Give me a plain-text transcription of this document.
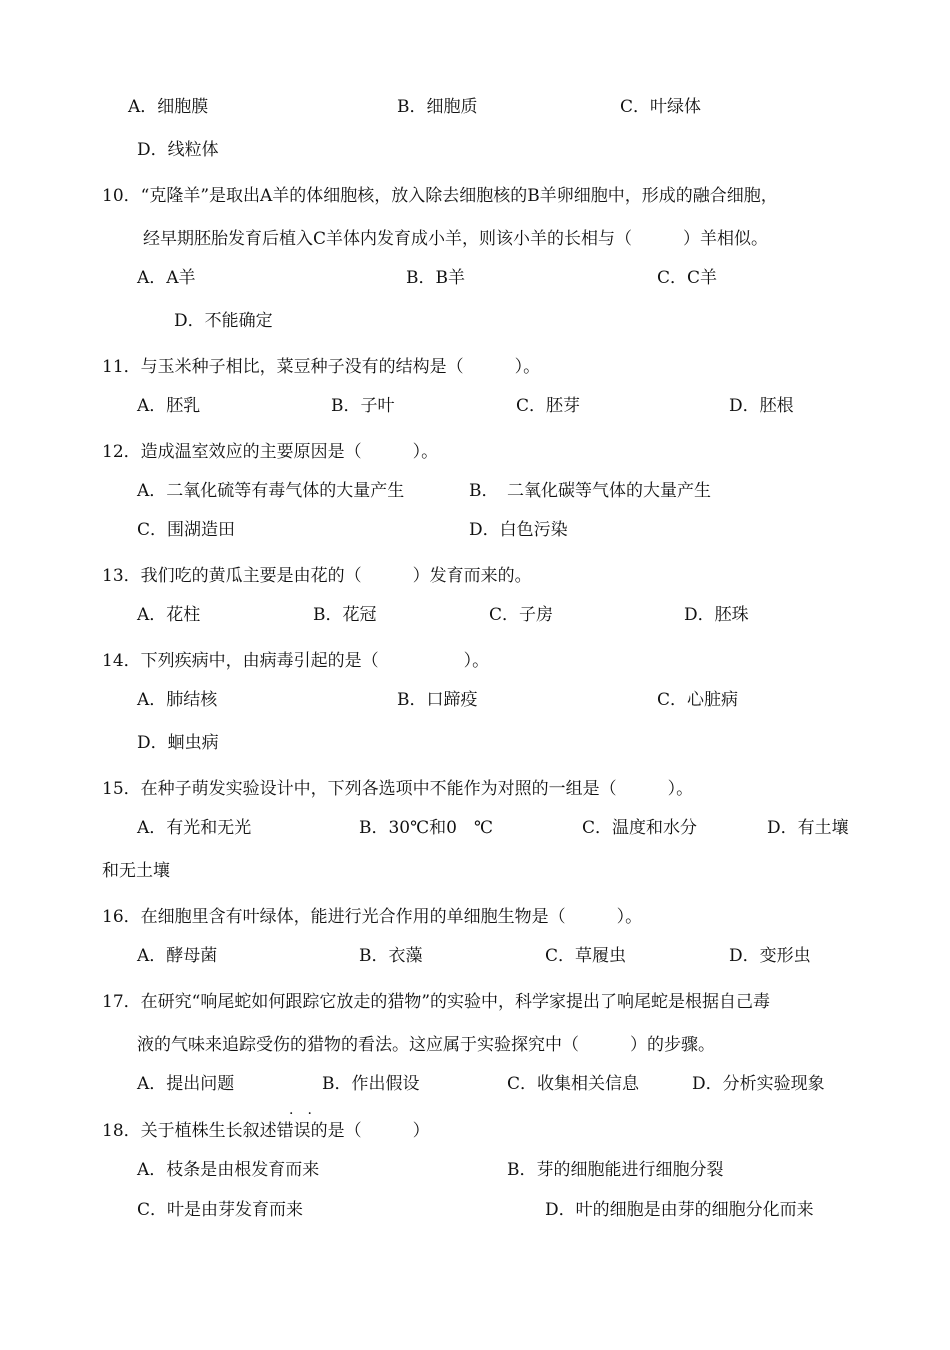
A．细胞膜	B．细胞质	C．叶绿体
D．线粒体
10．“克隆羊”是取出A羊的体细胞核，放入除去细胞核的B羊卵细胞中，形成的融合细胞，
经早期胚胎发育后植入C羊体内发育成小羊，则该小羊的长相与（　　　）羊相似。
A．A羊	B．B羊	C．C羊
D．不能确定
11．与玉米种子相比，菜豆种子没有的结构是（　　　）。
A．胚乳	B．子叶	C．胚芽	D．胚根
12．造成温室效应的主要原因是（　　　）。
A．二氧化硫等有毒气体的大量产生	B．　二氧化碳等气体的大量产生
C．围湖造田	D．白色污染
13．我们吃的黄瓜主要是由花的（　　　）发育而来的。
A．花柱	B．花冠	C．子房	D．胚珠
14．下列疾病中，由病毒引起的是（　　　　　）。
A．肺结核	B．口蹄疫	C．心脏病
D．蛔虫病
15．在种子萌发实验设计中，下列各选项中不能作为对照的一组是（　　　）。
A．有光和无光	B．30℃和0　℃	C．温度和水分	D．有土壤
和无土壤
16．在细胞里含有叶绿体，能进行光合作用的单细胞生物是（　　　）。
A．酵母菌	B．衣藻	C．草履虫	D．变形虫
17．在研究“响尾蛇如何跟踪它放走的猎物”的实验中，科学家提出了响尾蛇是根据自己毒
液的气味来追踪受伤的猎物的看法。这应属于实验探究中（　　　）的步骤。
A．提出问题	B．作出假设	C．收集相关信息	D．分析实验现象
·　·
18．关于植株生长叙述错误的是（　　　）
A．枝条是由根发育而来	B．芽的细胞能进行细胞分裂
C．叶是由芽发育而来	D．叶的细胞是由芽的细胞分化而来
